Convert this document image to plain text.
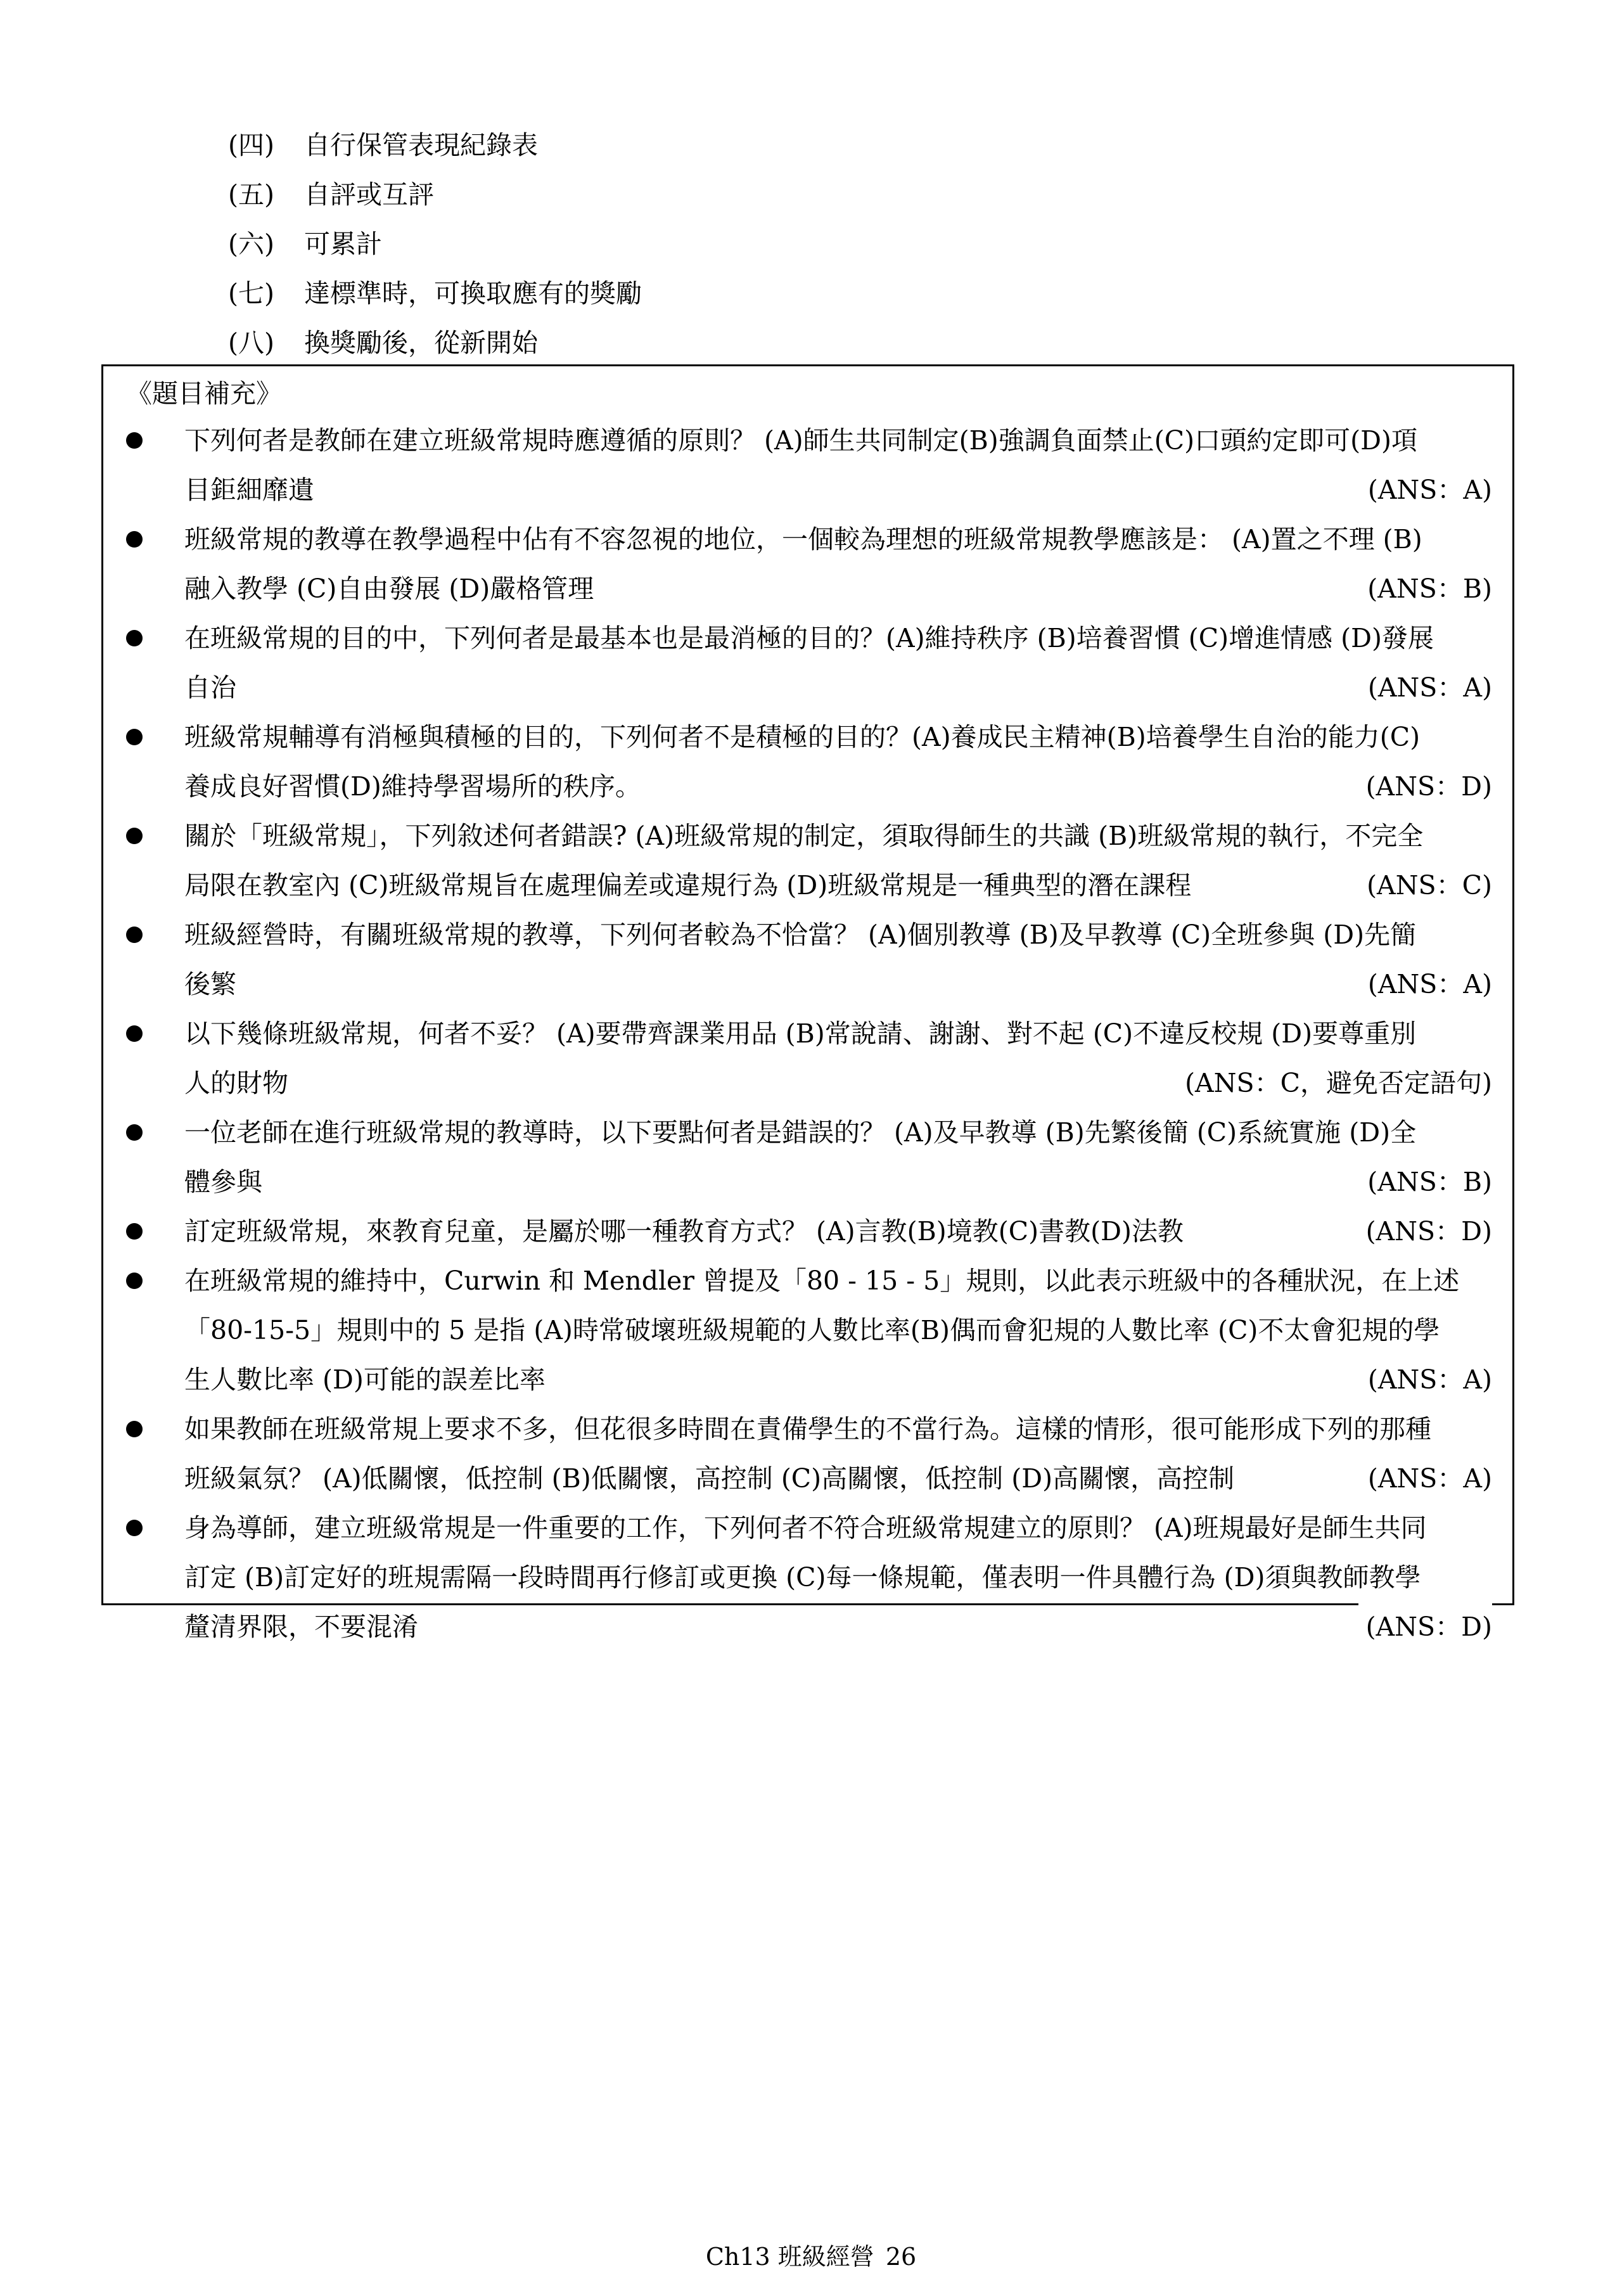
(四) 自行保管表現紀錄表
(五) 自評或互評
(六) 可累計
(七) 達標準時，可換取應有的獎勵
(八) 換獎勵後，從新開始
《題目補充》
下列何者是教師在建立班級常規時應遵循的原則？ (A)師生共同制定(B)強調負面禁止(C)口頭約定即可(D)項
目鉅細靡遺	(ANS：A)
班級常規的教導在教學過程中佔有不容忽視的地位，一個較為理想的班級常規教學應該是： (A)置之不理 (B)
融入教學 (C)自由發展 (D)嚴格管理	(ANS：B)
在班級常規的目的中，下列何者是最基本也是最消極的目的？(A)維持秩序 (B)培養習慣 (C)增進情感 (D)發展
自治	(ANS：A)
班級常規輔導有消極與積極的目的，下列何者不是積極的目的？(A)養成民主精神(B)培養學生自治的能力(C)
養成良好習慣(D)維持學習場所的秩序。	(ANS：D)
關於「班級常規」，下列敘述何者錯誤? (A)班級常規的制定，須取得師生的共識 (B)班級常規的執行，不完全
局限在教室內 (C)班級常規旨在處理偏差或違規行為 (D)班級常規是一種典型的潛在課程	(ANS：C)
班級經營時，有關班級常規的教導，下列何者較為不恰當？ (A)個別教導 (B)及早教導 (C)全班參與 (D)先簡
後繁	(ANS：A)
以下幾條班級常規，何者不妥？ (A)要帶齊課業用品 (B)常說請、謝謝、對不起 (C)不違反校規 (D)要尊重別
人的財物	(ANS：C，避免否定語句)
一位老師在進行班級常規的教導時，以下要點何者是錯誤的？ (A)及早教導 (B)先繁後簡 (C)系統實施 (D)全
體參與	(ANS：B)
訂定班級常規，來教育兒童，是屬於哪一種教育方式？ (A)言教(B)境教(C)書教(D)法教	(ANS：D)
在班級常規的維持中，Curwin 和 Mendler 曾提及「80 - 15 - 5」規則，以此表示班級中的各種狀況，在上述
「80-15-5」規則中的 5 是指 (A)時常破壞班級規範的人數比率(B)偶而會犯規的人數比率 (C)不太會犯規的學
生人數比率 (D)可能的誤差比率	(ANS：A)
如果教師在班級常規上要求不多，但花很多時間在責備學生的不當行為。這樣的情形，很可能形成下列的那種
班級氣氛？ (A)低關懷，低控制 (B)低關懷，高控制 (C)高關懷，低控制 (D)高關懷，高控制	(ANS：A)
身為導師，建立班級常規是一件重要的工作，下列何者不符合班級常規建立的原則？ (A)班規最好是師生共同
訂定 (B)訂定好的班規需隔一段時間再行修訂或更換 (C)每一條規範，僅表明一件具體行為 (D)須與教師教學
釐清界限，不要混淆	(ANS：D)
Ch13 班級經營 26
